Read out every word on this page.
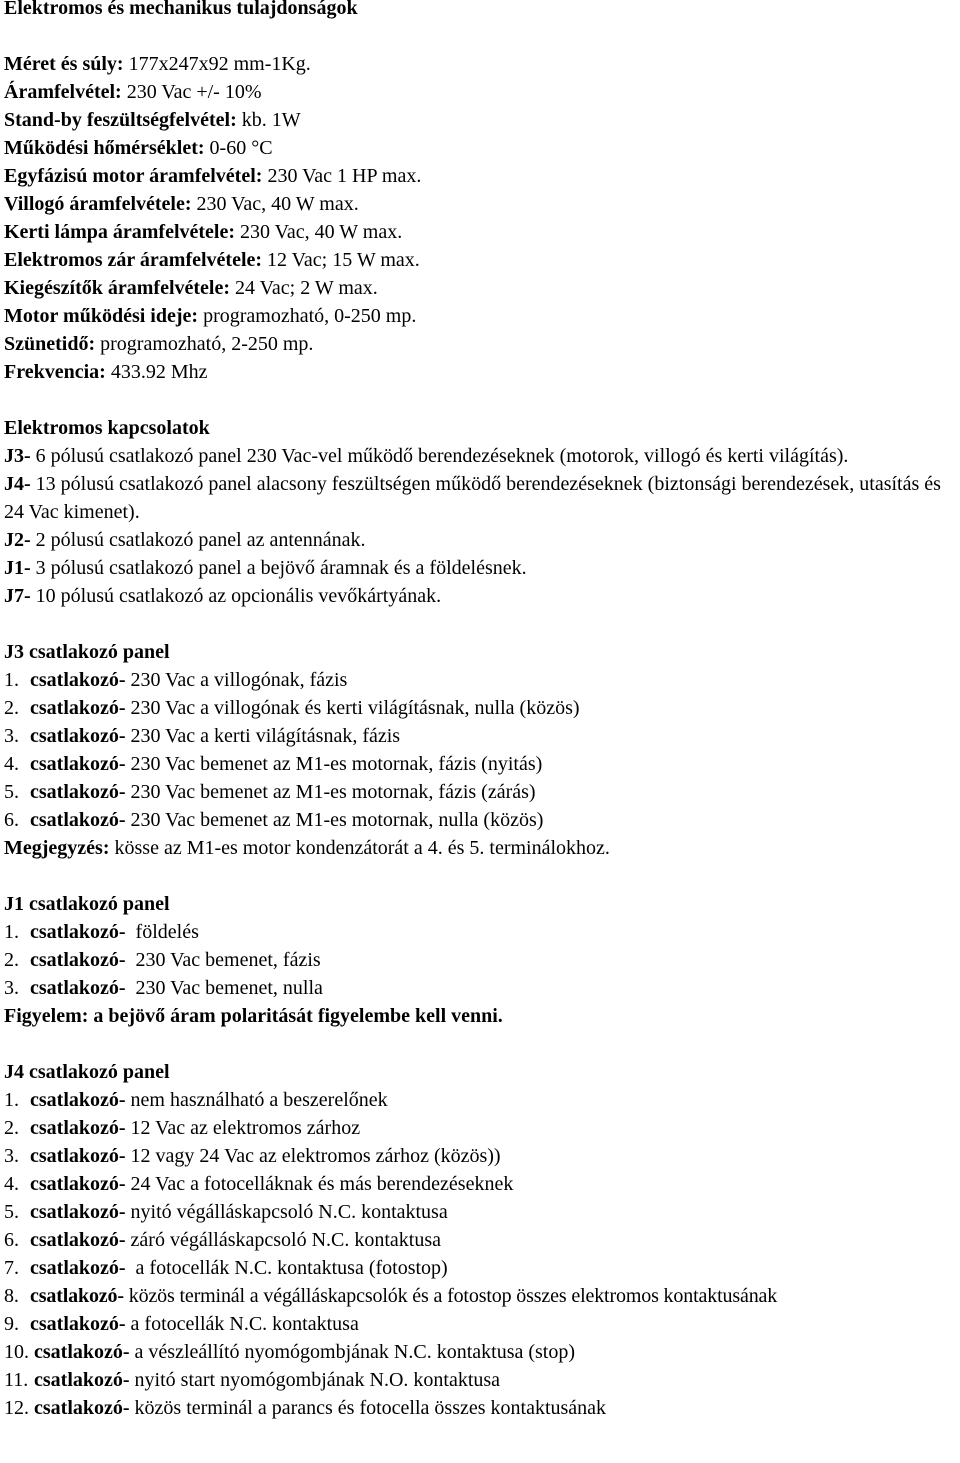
Elektromos és mechanikus tulajdonságok
Méret és súly: 177x247x92 mm-1Kg.
Áramfelvétel: 230 Vac +/- 10%
Stand-by feszültségfelvétel: kb. 1W
Működési hőmérséklet: 0-60 °C
Egyfázisú motor áramfelvétel: 230 Vac 1 HP max.
Villogó áramfelvétele: 230 Vac, 40 W max.
Kerti lámpa áramfelvétele: 230 Vac, 40 W max.
Elektromos zár áramfelvétele: 12 Vac; 15 W max.
Kiegészítők áramfelvétele: 24 Vac; 2 W max.
Motor működési ideje: programozható, 0-250 mp.
Szünetidő: programozható, 2-250 mp.
Frekvencia: 433.92 Mhz
Elektromos kapcsolatok
J3- 6 pólusú csatlakozó panel 230 Vac-vel működő berendezéseknek (motorok, villogó és kerti világítás).
J4- 13 pólusú csatlakozó panel alacsony feszültségen működő berendezéseknek (biztonsági berendezések, utasítás és 24 Vac kimenet).
J2- 2 pólusú csatlakozó panel az antennának.
J1- 3 pólusú csatlakozó panel a bejövő áramnak és a földelésnek.
J7- 10 pólusú csatlakozó az opcionális vevőkártyának.
J3 csatlakozó panel
1. csatlakozó- 230 Vac a villogónak, fázis
2. csatlakozó- 230 Vac a villogónak és kerti világításnak, nulla (közös)
3. csatlakozó- 230 Vac a kerti világításnak, fázis
4. csatlakozó- 230 Vac bemenet az M1-es motornak, fázis (nyitás)
5. csatlakozó- 230 Vac bemenet az M1-es motornak, fázis (zárás)
6. csatlakozó- 230 Vac bemenet az M1-es motornak, nulla (közös)
Megjegyzés: kösse az M1-es motor kondenzátorát a 4. és 5. terminálokhoz.
J1 csatlakozó panel
1. csatlakozó-  földelés
2. csatlakozó-  230 Vac bemenet, fázis
3. csatlakozó-  230 Vac bemenet, nulla
Figyelem: a bejövő áram polaritását figyelembe kell venni.
J4 csatlakozó panel
1. csatlakozó- nem használható a beszerelőnek
2. csatlakozó- 12 Vac az elektromos zárhoz
3. csatlakozó- 12 vagy 24 Vac az elektromos zárhoz (közös))
4. csatlakozó- 24 Vac a fotocelláknak és más berendezéseknek
5. csatlakozó- nyitó végálláskapcsoló N.C. kontaktusa
6. csatlakozó- záró végálláskapcsoló N.C. kontaktusa
7. csatlakozó-  a fotocellák N.C. kontaktusa (fotostop)
8. csatlakozó- közös terminál a végálláskapcsolók és a fotostop összes elektromos kontaktusának
9. csatlakozó- a fotocellák N.C. kontaktusa
10. csatlakozó- a vészleállító nyomógombjának N.C. kontaktusa (stop)
11. csatlakozó- nyitó start nyomógombjának N.O. kontaktusa
12. csatlakozó- közös terminál a parancs és fotocella összes kontaktusának
